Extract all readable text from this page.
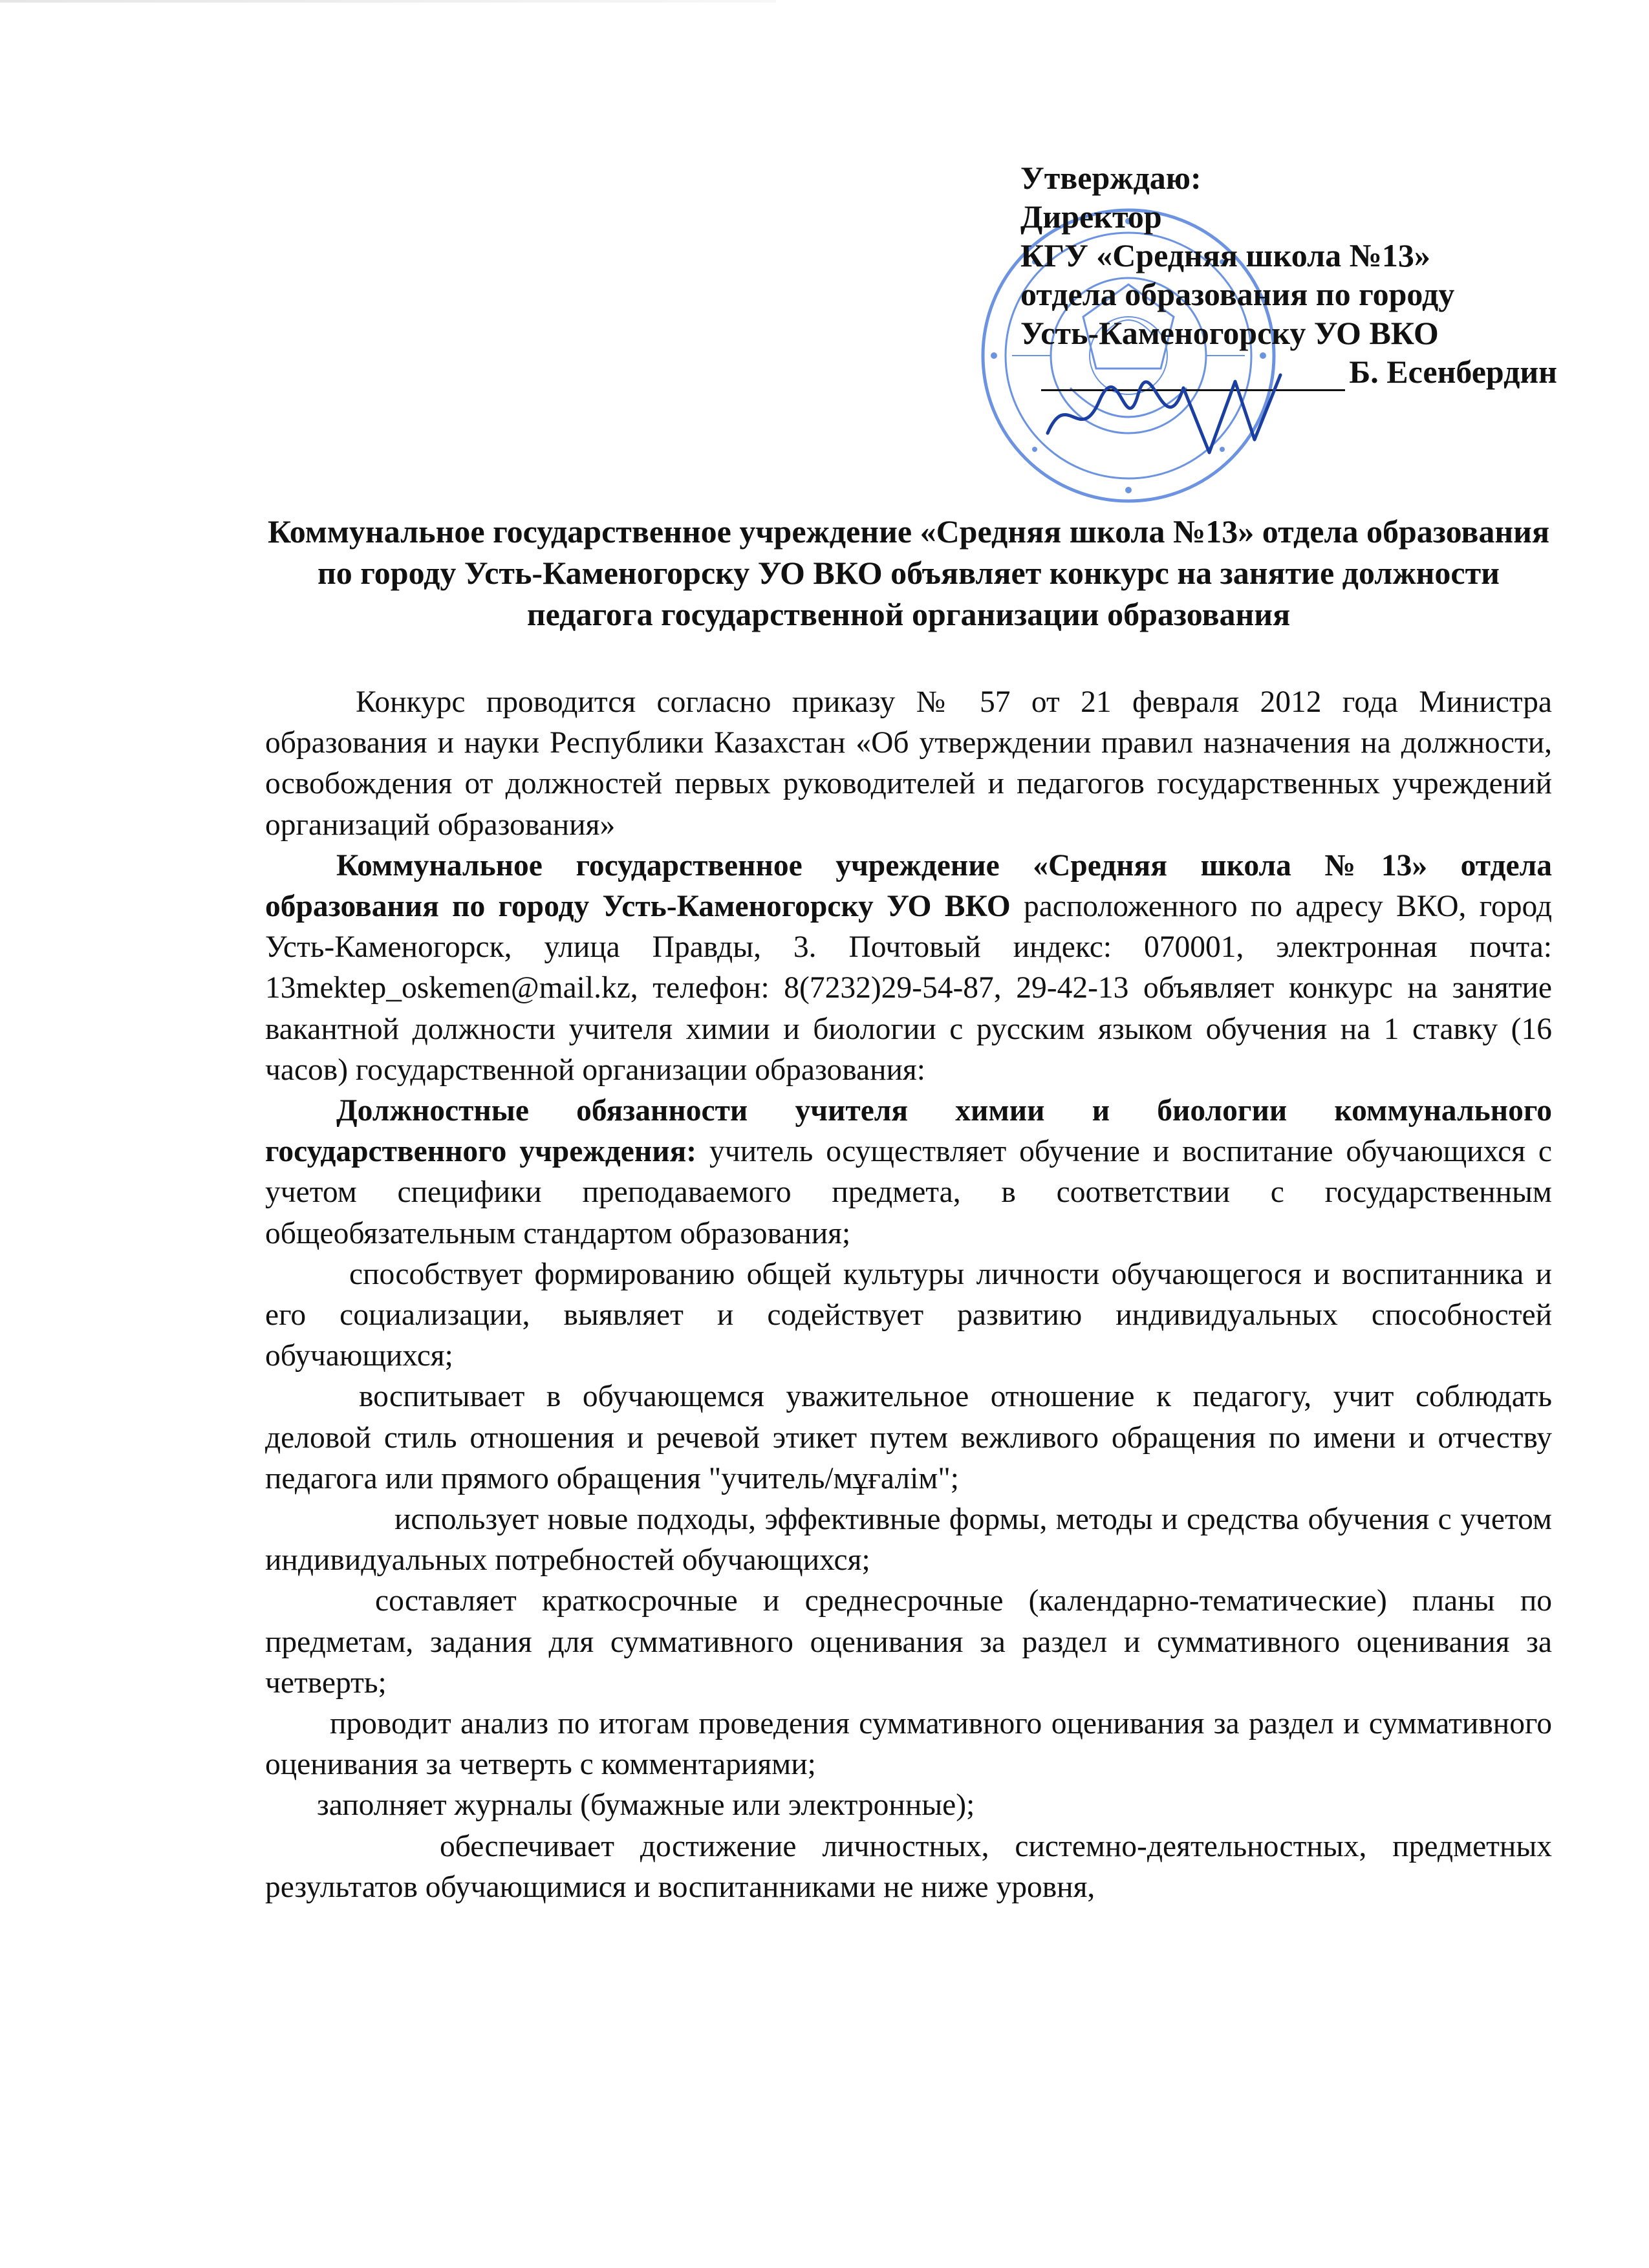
Утверждаю:
Директор
КГУ «Средняя школа №13»
отдела образования по городу
Усть-Каменогорску УО ВКО
Б. Есенбердин
Коммунальное государственное учреждение «Средняя школа №13» отдела образования по городу Усть-Каменогорску УО ВКО объявляет конкурс на занятие должности педагога государственной организации образования

Конкурс проводится согласно приказу № 57 от 21 февраля 2012 года Министра образования и науки Республики Казахстан «Об утверждении правил назначения на должности, освобождения от должностей первых руководителей и педагогов государственных учреждений организаций образования»

Коммунальное государственное учреждение «Средняя школа №13» отдела образования по городу Усть-Каменогорску УО ВКО расположенного по адресу ВКО, город Усть-Каменогорск, улица Правды, 3. Почтовый индекс: 070001, электронная почта: 13mektep_oskemen@mail.kz, телефон: 8(7232)29-54-87, 29-42-13 объявляет конкурс на занятие вакантной должности учителя химии и биологии с русским языком обучения на 1 ставку (16 часов) государственной организации образования:

Должностные обязанности учителя химии и биологии коммунального государственного учреждения: учитель осуществляет обучение и воспитание обучающихся с учетом специфики преподаваемого предмета, в соответствии с государственным общеобязательным стандартом образования;

способствует формированию общей культуры личности обучающегося и воспитанника и его социализации, выявляет и содействует развитию индивидуальных способностей обучающихся;

воспитывает в обучающемся уважительное отношение к педагогу, учит соблюдать деловой стиль отношения и речевой этикет путем вежливого обращения по имени и отчеству педагога или прямого обращения "учитель/мұғалім";

использует новые подходы, эффективные формы, методы и средства обучения с учетом индивидуальных потребностей обучающихся;

составляет краткосрочные и среднесрочные (календарно-тематические) планы по предметам, задания для суммативного оценивания за раздел и суммативного оценивания за четверть;

проводит анализ по итогам проведения суммативного оценивания за раздел и суммативного оценивания за четверть с комментариями;

заполняет журналы (бумажные или электронные);

обеспечивает достижение личностных, системно-деятельностных, предметных результатов обучающимися и воспитанниками не ниже уровня,
